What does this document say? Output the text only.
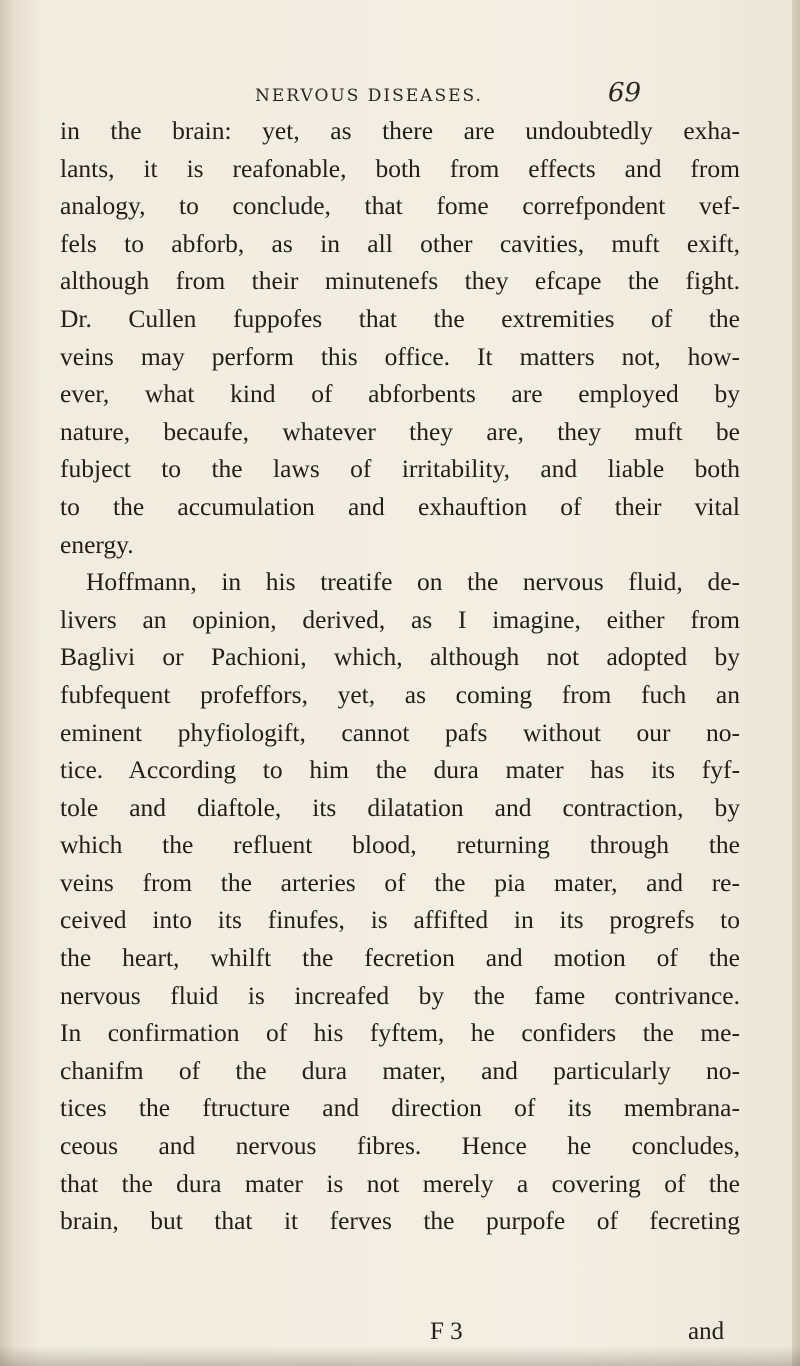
NERVOUS DISEASES.	69
in the brain: yet, as there are undoubtedly exha-
lants, it is reafonable, both from effects and from
analogy, to conclude, that fome correfpondent vef-
fels to abforb, as in all other cavities, muft exift,
although from their minutenefs they efcape the fight.
Dr. Cullen fuppofes that the extremities of the
veins may perform this office. It matters not, how-
ever, what kind of abforbents are employed by
nature, becaufe, whatever they are, they muft be
fubject to the laws of irritability, and liable both
to the accumulation and exhauftion of their vital
energy.
Hoffmann, in his treatife on the nervous fluid, de-
livers an opinion, derived, as I imagine, either from
Baglivi or Pachioni, which, although not adopted by
fubfequent profeffors, yet, as coming from fuch an
eminent phyfiologift, cannot pafs without our no-
tice. According to him the dura mater has its fyf-
tole and diaftole, its dilatation and contraction, by
which the refluent blood, returning through the
veins from the arteries of the pia mater, and re-
ceived into its finufes, is affifted in its progrefs to
the heart, whilft the fecretion and motion of the
nervous fluid is increafed by the fame contrivance.
In confirmation of his fyftem, he confiders the me-
chanifm of the dura mater, and particularly no-
tices the ftructure and direction of its membrana-
ceous and nervous fibres. Hence he concludes,
that the dura mater is not merely a covering of the
brain, but that it ferves the purpofe of fecreting
F 3	and
